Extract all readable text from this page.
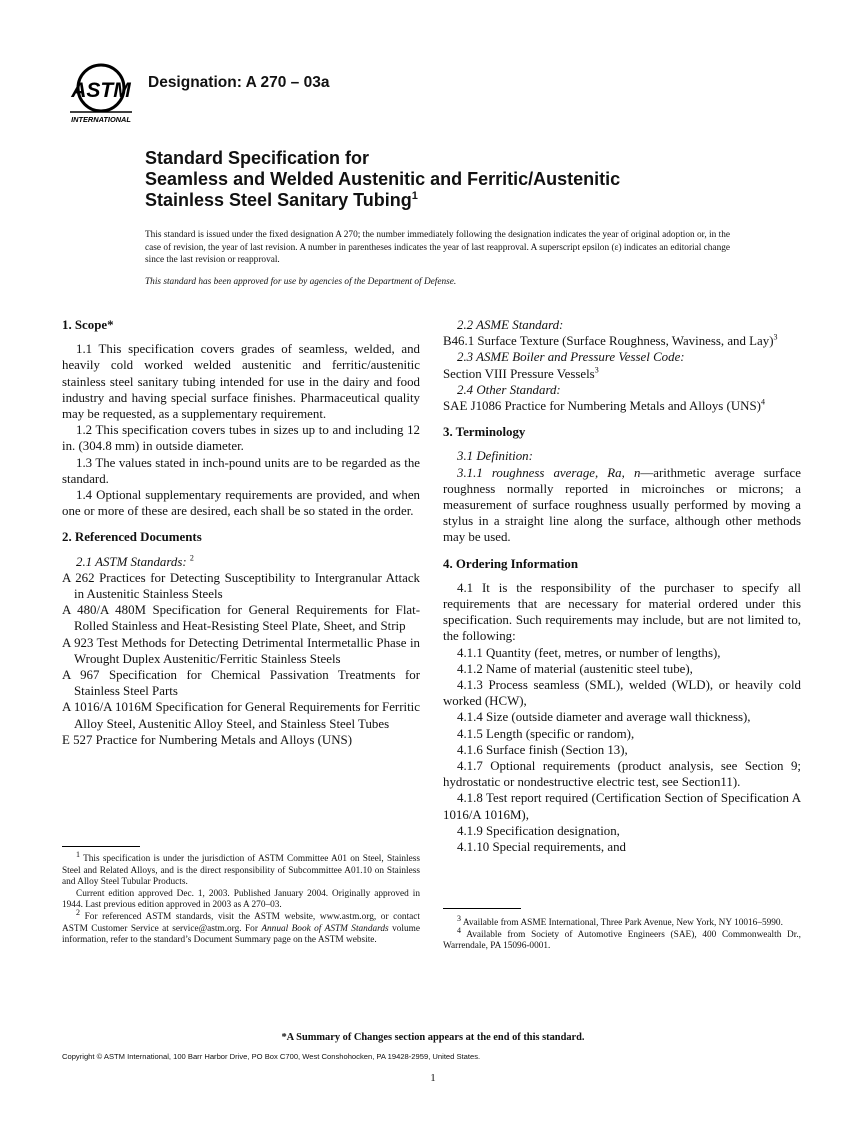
ASTM
INTERNATIONAL
Designation: A 270 – 03a
Standard Specification for
Seamless and Welded Austenitic and Ferritic/Austenitic
Stainless Steel Sanitary Tubing$^1$
This standard is issued under the fixed designation A 270; the number immediately following the designation indicates the year of original adoption or, in the case of revision, the year of last revision. A number in parentheses indicates the year of last reapproval. A superscript epsilon (ε) indicates an editorial change since the last revision or reapproval.
This standard has been approved for use by agencies of the Department of Defense.
1. Scope*

1.1 This specification covers grades of seamless, welded, and heavily cold worked welded austenitic and ferritic/austenitic stainless steel sanitary tubing intended for use in the dairy and food industry and having special surface finishes. Pharmaceutical quality may be requested, as a supplementary requirement.

1.2 This specification covers tubes in sizes up to and including 12 in. (304.8 mm) in outside diameter.

1.3 The values stated in inch-pound units are to be regarded as the standard.

1.4 Optional supplementary requirements are provided, and when one or more of these are desired, each shall be so stated in the order.

2. Referenced Documents

2.1 ASTM Standards: $^2$

A 262 Practices for Detecting Susceptibility to Intergranular Attack in Austenitic Stainless Steels

A 480/A 480M Specification for General Requirements for Flat-Rolled Stainless and Heat-Resisting Steel Plate, Sheet, and Strip

A 923 Test Methods for Detecting Detrimental Intermetallic Phase in Wrought Duplex Austenitic/Ferritic Stainless Steels

A 967 Specification for Chemical Passivation Treatments for Stainless Steel Parts

A 1016/A 1016M Specification for General Requirements for Ferritic Alloy Steel, Austenitic Alloy Steel, and Stainless Steel Tubes

E 527 Practice for Numbering Metals and Alloys (UNS)

$^1$ This specification is under the jurisdiction of ASTM Committee A01 on Steel, Stainless Steel and Related Alloys, and is the direct responsibility of Subcommittee A01.10 on Stainless and Alloy Steel Tubular Products.

Current edition approved Dec. 1, 2003. Published January 2004. Originally approved in 1944. Last previous edition approved in 2003 as A 270–03.

$^2$ For referenced ASTM standards, visit the ASTM website, www.astm.org, or contact ASTM Customer Service at service@astm.org. For Annual Book of ASTM Standards volume information, refer to the standard’s Document Summary page on the ASTM website.

2.2 ASME Standard:

B46.1 Surface Texture (Surface Roughness, Waviness, and Lay)$^3$

2.3 ASME Boiler and Pressure Vessel Code:

Section VIII Pressure Vessels$^3$

2.4 Other Standard:

SAE J1086 Practice for Numbering Metals and Alloys (UNS)$^4$

3. Terminology

3.1 Definition:

3.1.1 roughness average, Ra, n—arithmetic average surface roughness normally reported in microinches or microns; a measurement of surface roughness usually performed by moving a stylus in a straight line along the surface, although other methods may be used.

4. Ordering Information

4.1 It is the responsibility of the purchaser to specify all requirements that are necessary for material ordered under this specification. Such requirements may include, but are not limited to, the following:

4.1.1 Quantity (feet, metres, or number of lengths),

4.1.2 Name of material (austenitic steel tube),

4.1.3 Process seamless (SML), welded (WLD), or heavily cold worked (HCW),

4.1.4 Size (outside diameter and average wall thickness),

4.1.5 Length (specific or random),

4.1.6 Surface finish (Section 13),

4.1.7 Optional requirements (product analysis, see Section 9; hydrostatic or nondestructive electric test, see Section11).

4.1.8 Test report required (Certification Section of Specification A 1016/A 1016M),

4.1.9 Specification designation,

4.1.10 Special requirements, and

$^3$ Available from ASME International, Three Park Avenue, New York, NY 10016–5990.

$^4$ Available from Society of Automotive Engineers (SAE), 400 Commonwealth Dr., Warrendale, PA 15096-0001.

*A Summary of Changes section appears at the end of this standard.
Copyright © ASTM International, 100 Barr Harbor Drive, PO Box C700, West Conshohocken, PA 19428-2959, United States.
1
